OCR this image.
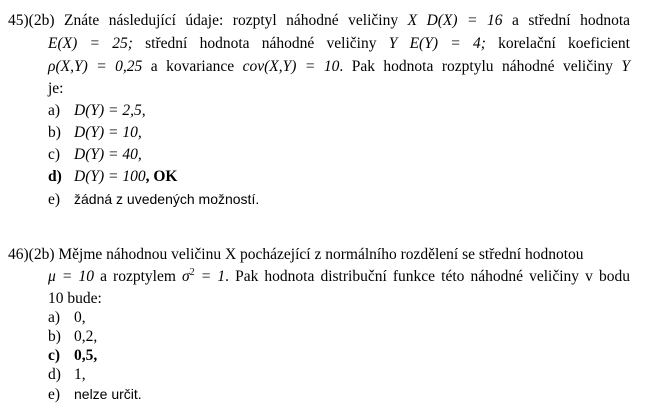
45)(2b) Znáte následující údaje: rozptyl náhodné veličiny X D(X) = 16 a střední hodnota
E(X) = 25; střední hodnota náhodné veličiny Y E(Y) = 4; korelační koeficient
ρ(X,Y) = 0,25 a kovariance cov(X,Y) = 10. Pak hodnota rozptylu náhodné veličiny Y
je:
a) D(Y) = 2,5,
b) D(Y) = 10,
c) D(Y) = 40,
d) D(Y) = 100, OK
e) žádná z uvedených možností.
46)(2b) Mějme náhodnou veličinu X pocházející z normálního rozdělení se střední hodnotou
μ = 10 a rozptylem $\sigma^2 = 1$. Pak hodnota distribuční funkce této náhodné veličiny v bodu
10 bude:
a) 0,
b) 0,2,
c) 0,5,
d) 1,
e) nelze určit.
